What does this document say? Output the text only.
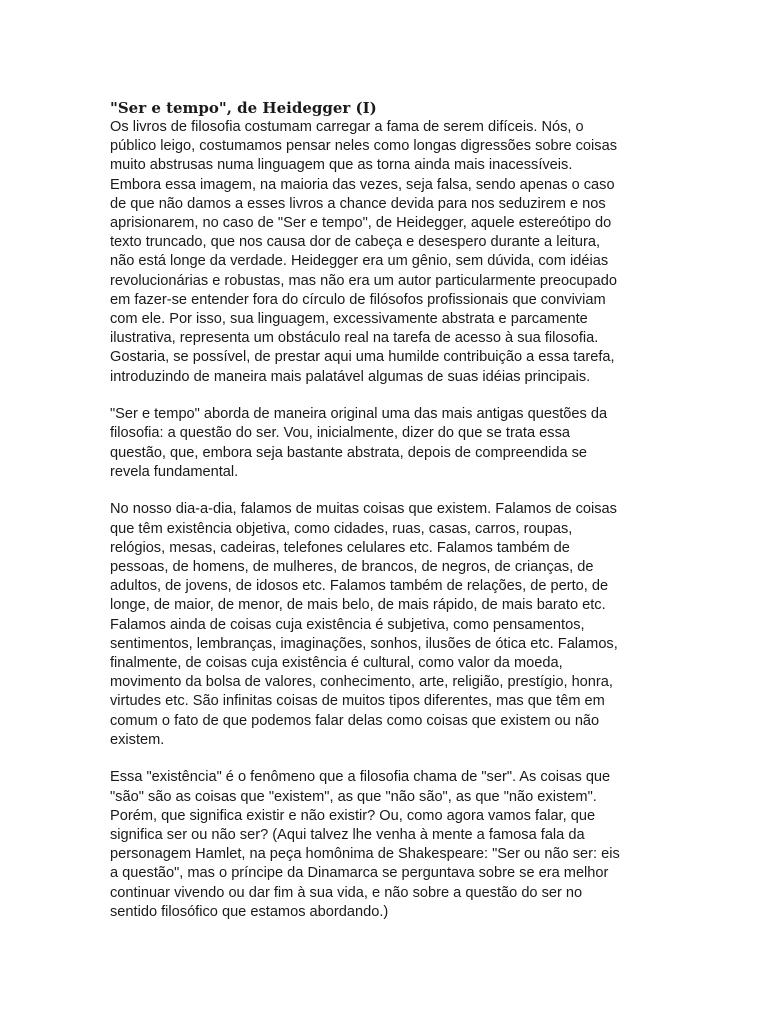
"Ser e tempo", de Heidegger (I)

Os livros de filosofia costumam carregar a fama de serem difíceis. Nós, o
público leigo, costumamos pensar neles como longas digressões sobre coisas
muito abstrusas numa linguagem que as torna ainda mais inacessíveis.
Embora essa imagem, na maioria das vezes, seja falsa, sendo apenas o caso
de que não damos a esses livros a chance devida para nos seduzirem e nos
aprisionarem, no caso de "Ser e tempo", de Heidegger, aquele estereótipo do
texto truncado, que nos causa dor de cabeça e desespero durante a leitura,
não está longe da verdade. Heidegger era um gênio, sem dúvida, com idéias
revolucionárias e robustas, mas não era um autor particularmente preocupado
em fazer-se entender fora do círculo de filósofos profissionais que conviviam
com ele. Por isso, sua linguagem, excessivamente abstrata e parcamente
ilustrativa, representa um obstáculo real na tarefa de acesso à sua filosofia.
Gostaria, se possível, de prestar aqui uma humilde contribuição a essa tarefa,
introduzindo de maneira mais palatável algumas de suas idéias principais.

"Ser e tempo" aborda de maneira original uma das mais antigas questões da
filosofia: a questão do ser. Vou, inicialmente, dizer do que se trata essa
questão, que, embora seja bastante abstrata, depois de compreendida se
revela fundamental.

No nosso dia-a-dia, falamos de muitas coisas que existem. Falamos de coisas
que têm existência objetiva, como cidades, ruas, casas, carros, roupas,
relógios, mesas, cadeiras, telefones celulares etc. Falamos também de
pessoas, de homens, de mulheres, de brancos, de negros, de crianças, de
adultos, de jovens, de idosos etc. Falamos também de relações, de perto, de
longe, de maior, de menor, de mais belo, de mais rápido, de mais barato etc.
Falamos ainda de coisas cuja existência é subjetiva, como pensamentos,
sentimentos, lembranças, imaginações, sonhos, ilusões de ótica etc. Falamos,
finalmente, de coisas cuja existência é cultural, como valor da moeda,
movimento da bolsa de valores, conhecimento, arte, religião, prestígio, honra,
virtudes etc. São infinitas coisas de muitos tipos diferentes, mas que têm em
comum o fato de que podemos falar delas como coisas que existem ou não
existem.

Essa "existência" é o fenômeno que a filosofia chama de "ser". As coisas que
"são" são as coisas que "existem", as que "não são", as que "não existem".
Porém, que significa existir e não existir? Ou, como agora vamos falar, que
significa ser ou não ser? (Aqui talvez lhe venha à mente a famosa fala da
personagem Hamlet, na peça homônima de Shakespeare: "Ser ou não ser: eis
a questão", mas o príncipe da Dinamarca se perguntava sobre se era melhor
continuar vivendo ou dar fim à sua vida, e não sobre a questão do ser no
sentido filosófico que estamos abordando.)
